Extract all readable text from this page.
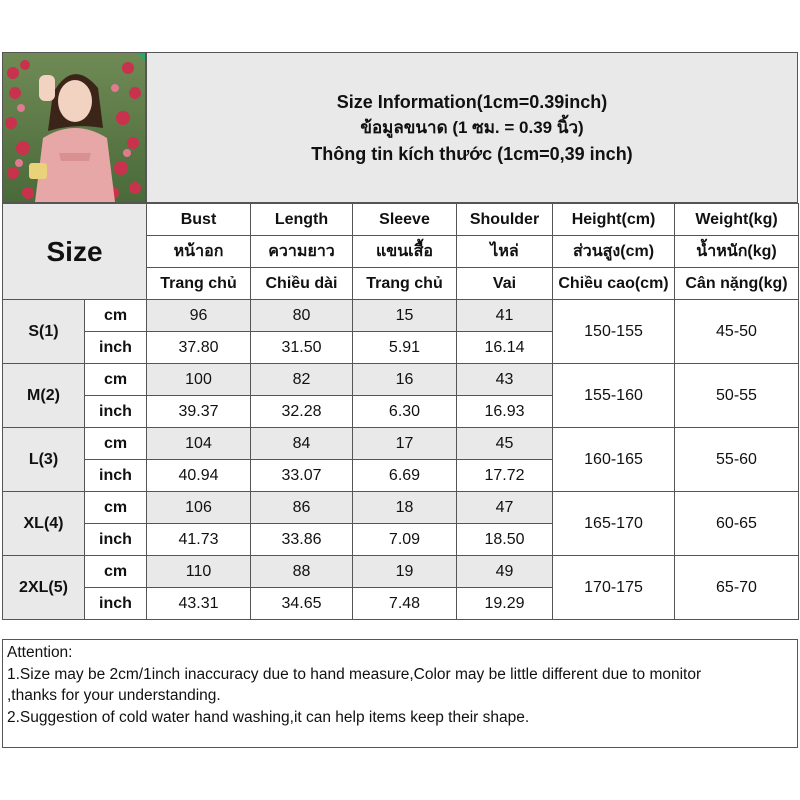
Size Information(1cm=0.39inch)
ข้อมูลขนาด (1 ซม. = 0.39 นิ้ว)
Thông tin kích thước (1cm=0,39 inch)
Size		Bust	Length	Sleeve	Shoulder	Height(cm)	Weight(kg)
		หน้าอก	ความยาว	แขนเสื้อ	ไหล่	ส่วนสูง(cm)	น้ำหนัก(kg)
		Trang chủ	Chiều dài	Trang chủ	Vai	Chiều cao(cm)	Cân nặng(kg)
S(1)	cm	96	80	15	41	150-155	45-50
	inch	37.80	31.50	5.91	16.14		
M(2)	cm	100	82	16	43	155-160	50-55
	inch	39.37	32.28	6.30	16.93		
L(3)	cm	104	84	17	45	160-165	55-60
	inch	40.94	33.07	6.69	17.72		
XL(4)	cm	106	86	18	47	165-170	60-65
	inch	41.73	33.86	7.09	18.50		
2XL(5)	cm	110	88	19	49	170-175	65-70
	inch	43.31	34.65	7.48	19.29		
Attention:
1.Size may be 2cm/1inch inaccuracy due to hand measure,Color may be little different due to monitor
,thanks for your understanding.
2.Suggestion of cold water hand washing,it can help items keep their shape.
